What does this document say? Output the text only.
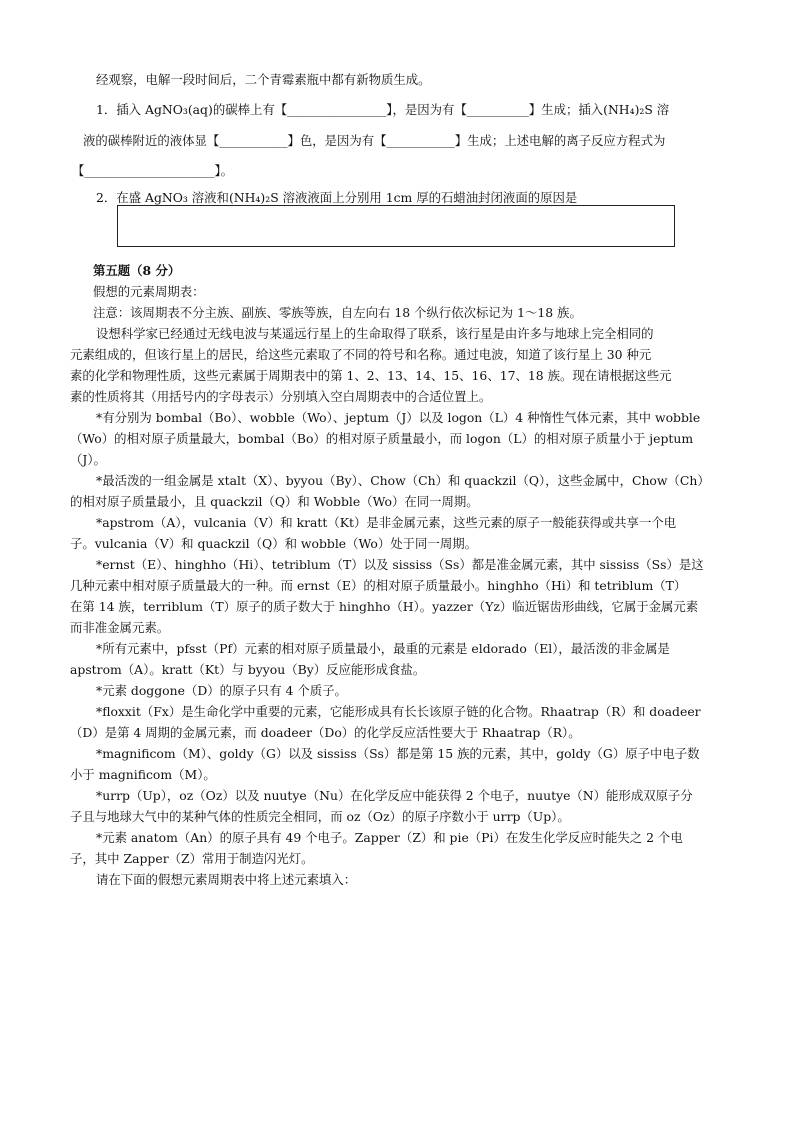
经观察，电解一段时间后，二个青霉素瓶中都有新物质生成。
1．插入 AgNO₃(aq)的碳棒上有【________________】，是因为有【__________】生成；插入(NH₄)₂S 溶
液的碳棒附近的液体显【___________】色，是因为有【___________】生成；上述电解的离子反应方程式为
【_____________________】。
2．在盛 AgNO₃ 溶液和(NH₄)₂S 溶液液面上分别用 1cm 厚的石蜡油封闭液面的原因是
第五题（8 分）
假想的元素周期表：
注意：该周期表不分主族、副族、零族等族，自左向右 18 个纵行依次标记为 1～18 族。
设想科学家已经通过无线电波与某遥远行星上的生命取得了联系，该行星是由许多与地球上完全相同的
元素组成的，但该行星上的居民，给这些元素取了不同的符号和名称。通过电波，知道了该行星上 30 种元
素的化学和物理性质，这些元素属于周期表中的第 1、2、13、14、15、16、17、18 族。现在请根据这些元
素的性质将其（用括号内的字母表示）分别填入空白周期表中的合适位置上。
*有分别为 bombal（Bo）、wobble（Wo）、jeptum（J）以及 logon（L）4 种惰性气体元素，其中 wobble
（Wo）的相对原子质量最大，bombal（Bo）的相对原子质量最小，而 logon（L）的相对原子质量小于 jeptum
（J）。
*最活泼的一组金属是 xtalt（X）、byyou（By）、Chow（Ch）和 quackzil（Q），这些金属中，Chow（Ch）
的相对原子质量最小，且 quackzil（Q）和 Wobble（Wo）在同一周期。
*apstrom（A），vulcania（V）和 kratt（Kt）是非金属元素，这些元素的原子一般能获得或共享一个电
子。vulcania（V）和 quackzil（Q）和 wobble（Wo）处于同一周期。
*ernst（E）、hinghho（Hi）、tetriblum（T）以及 sississ（Ss）都是准金属元素，其中 sississ（Ss）是这
几种元素中相对原子质量最大的一种。而 ernst（E）的相对原子质量最小。hinghho（Hi）和 tetriblum（T）
在第 14 族，terriblum（T）原子的质子数大于 hinghho（H）。yazzer（Yz）临近锯齿形曲线，它属于金属元素
而非准金属元素。
*所有元素中，pfsst（Pf）元素的相对原子质量最小，最重的元素是 eldorado（El），最活泼的非金属是
apstrom（A）。kratt（Kt）与 byyou（By）反应能形成食盐。
*元素 doggone（D）的原子只有 4 个质子。
*floxxit（Fx）是生命化学中重要的元素，它能形成具有长长该原子链的化合物。Rhaatrap（R）和 doadeer
（D）是第 4 周期的金属元素，而 doadeer（Do）的化学反应活性要大于 Rhaatrap（R）。
*magnificom（M）、goldy（G）以及 sississ（Ss）都是第 15 族的元素，其中，goldy（G）原子中电子数
小于 magnificom（M）。
*urrp（Up），oz（Oz）以及 nuutye（Nu）在化学反应中能获得 2 个电子，nuutye（N）能形成双原子分
子且与地球大气中的某种气体的性质完全相同，而 oz（Oz）的原子序数小于 urrp（Up）。
*元素 anatom（An）的原子具有 49 个电子。Zapper（Z）和 pie（Pi）在发生化学反应时能失之 2 个电
子，其中 Zapper（Z）常用于制造闪光灯。
请在下面的假想元素周期表中将上述元素填入：
